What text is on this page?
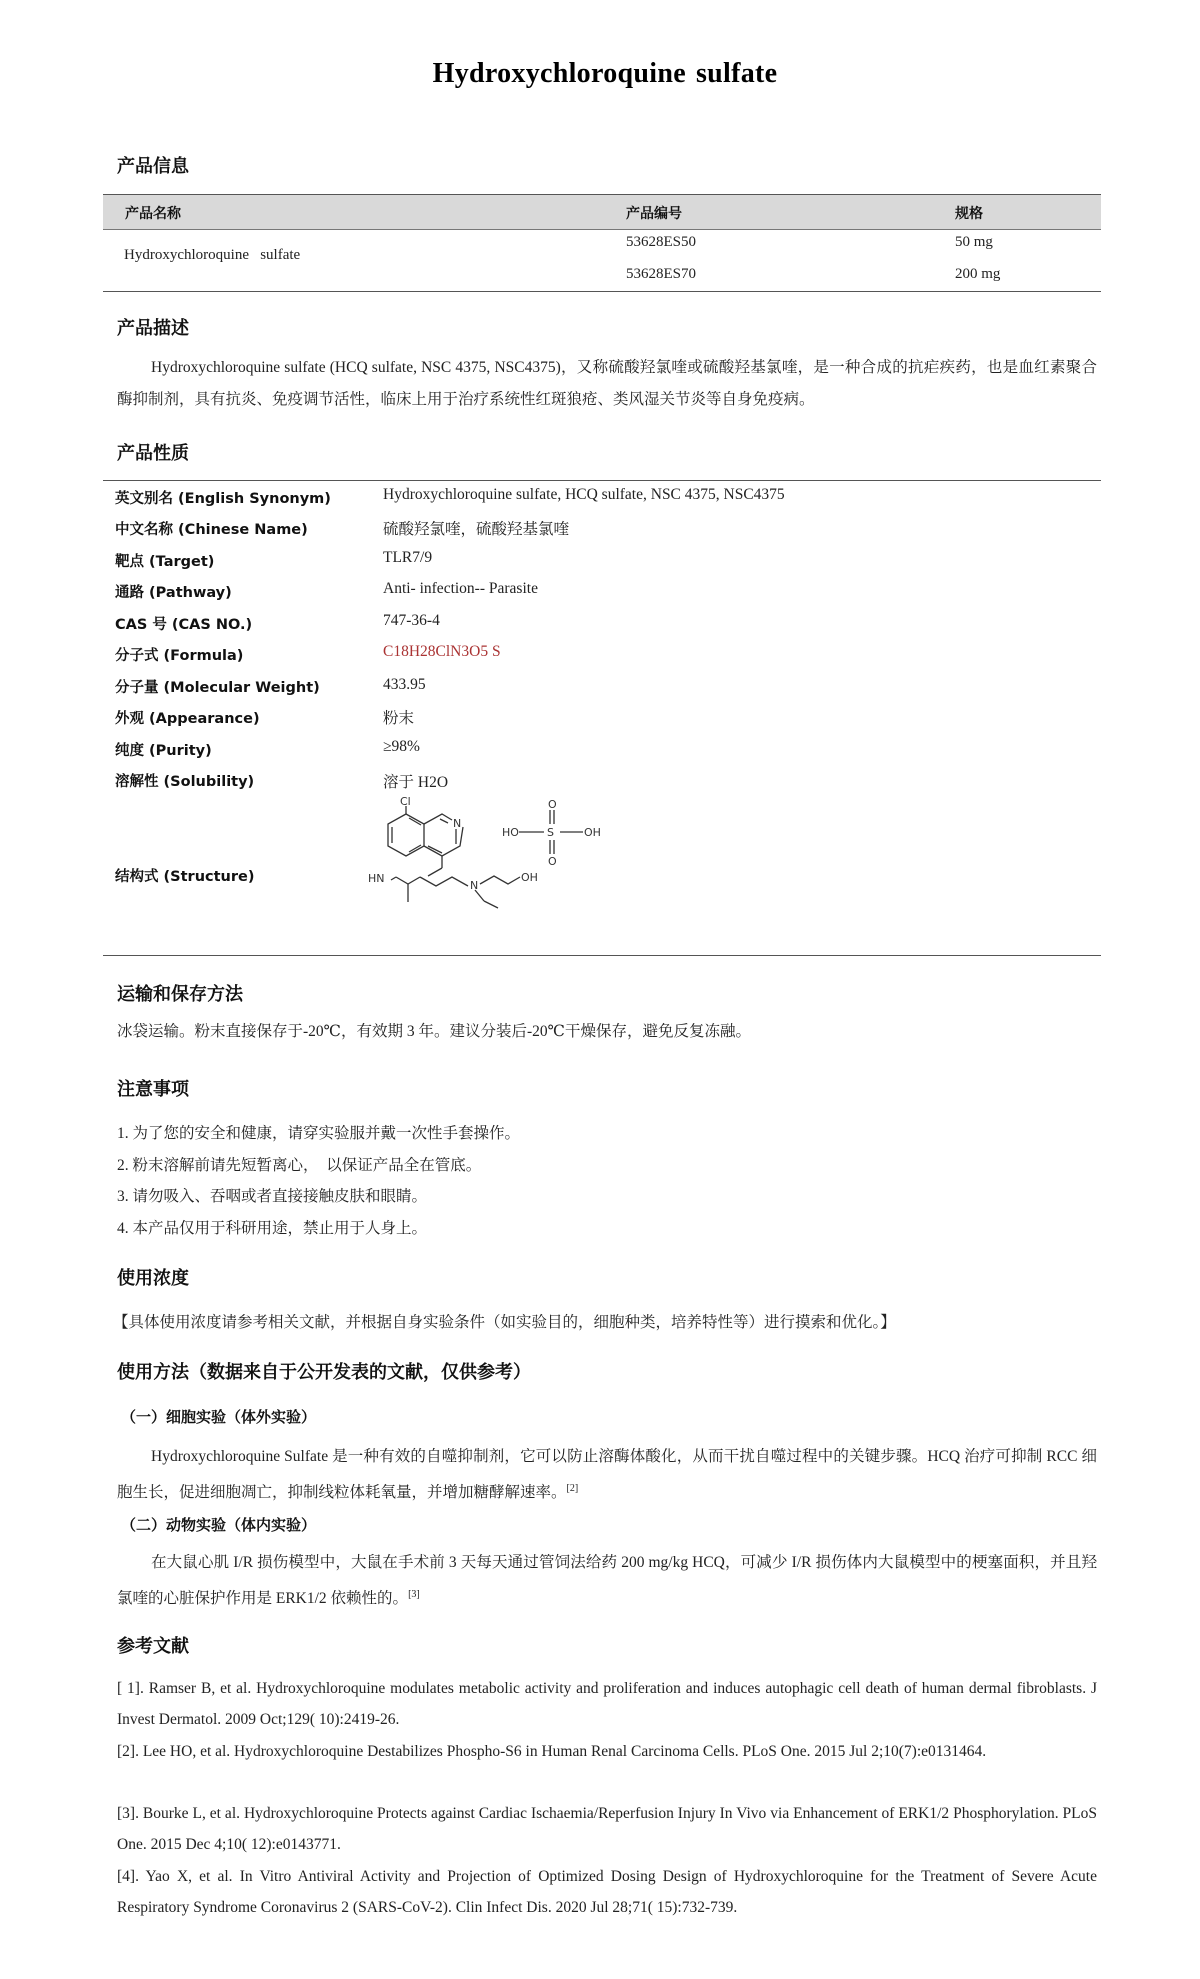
Hydroxychloroquine sulfate
产品信息
产品名称	产品编号	规格
Hydroxychloroquine   sulfate
53628ES50	50 mg
53628ES70	200 mg
产品描述
Hydroxychloroquine sulfate (HCQ sulfate, NSC 4375, NSC4375)，又称硫酸羟氯喹或硫酸羟基氯喹，是一种合成的抗疟疾药，也是血红素聚合酶抑制剂，具有抗炎、免疫调节活性，临床上用于治疗系统性红斑狼疮、类风湿关节炎等自身免疫病。
产品性质
英文别名 (English Synonym)	Hydroxychloroquine sulfate, HCQ sulfate, NSC 4375, NSC4375
中文名称 (Chinese Name)	硫酸羟氯喹，硫酸羟基氯喹
靶点 (Target)	TLR7/9
通路 (Pathway)	Anti- infection-- Parasite
CAS 号 (CAS NO.)	747-36-4
分子式 (Formula)	C18H28ClN3O5 S
分子量 (Molecular Weight)	433.95
外观 (Appearance)	粉末
纯度 (Purity)	≥98%
溶解性 (Solubility)	溶于 H2O
结构式 (Structure)
Cl
N
HN
N
OH
HO	S	OH
O
O
运输和保存方法
冰袋运输。粉末直接保存于-20℃，有效期 3 年。建议分装后-20℃干燥保存，避免反复冻融。
注意事项
1. 为了您的安全和健康，请穿实验服并戴一次性手套操作。
2. 粉末溶解前请先短暂离心，  以保证产品全在管底。
3. 请勿吸入、吞咽或者直接接触皮肤和眼睛。
4. 本产品仅用于科研用途，禁止用于人身上。
使用浓度
【具体使用浓度请参考相关文献，并根据自身实验条件（如实验目的，细胞种类，培养特性等）进行摸索和优化。】
使用方法（数据来自于公开发表的文献，仅供参考）
（一）细胞实验（体外实验）
Hydroxychloroquine Sulfate 是一种有效的自噬抑制剂，它可以防止溶酶体酸化，从而干扰自噬过程中的关键步骤。HCQ 治疗可抑制 RCC 细胞生长，促进细胞凋亡，抑制线粒体耗氧量，并增加糖酵解速率。[2]
（二）动物实验（体内实验）
在大鼠心肌 I/R 损伤模型中，大鼠在手术前 3 天每天通过管饲法给药 200 mg/kg HCQ，可减少 I/R 损伤体内大鼠模型中的梗塞面积，并且羟氯喹的心脏保护作用是 ERK1/2 依赖性的。[3]
参考文献
[ 1]. Ramser B, et al. Hydroxychloroquine modulates metabolic activity and proliferation and induces autophagic cell death of human dermal fibroblasts. J Invest Dermatol. 2009 Oct;129( 10):2419-26.
[2]. Lee HO, et al. Hydroxychloroquine Destabilizes Phospho-S6 in Human Renal Carcinoma Cells. PLoS One. 2015 Jul 2;10(7):e0131464.
[3]. Bourke L, et al. Hydroxychloroquine Protects against Cardiac Ischaemia/Reperfusion Injury In Vivo via Enhancement of ERK1/2 Phosphorylation. PLoS One. 2015 Dec 4;10( 12):e0143771.
[4]. Yao X, et al. In Vitro Antiviral Activity and Projection of Optimized Dosing Design of Hydroxychloroquine for the Treatment of Severe Acute Respiratory Syndrome Coronavirus 2 (SARS-CoV-2). Clin Infect Dis. 2020 Jul 28;71( 15):732-739.
